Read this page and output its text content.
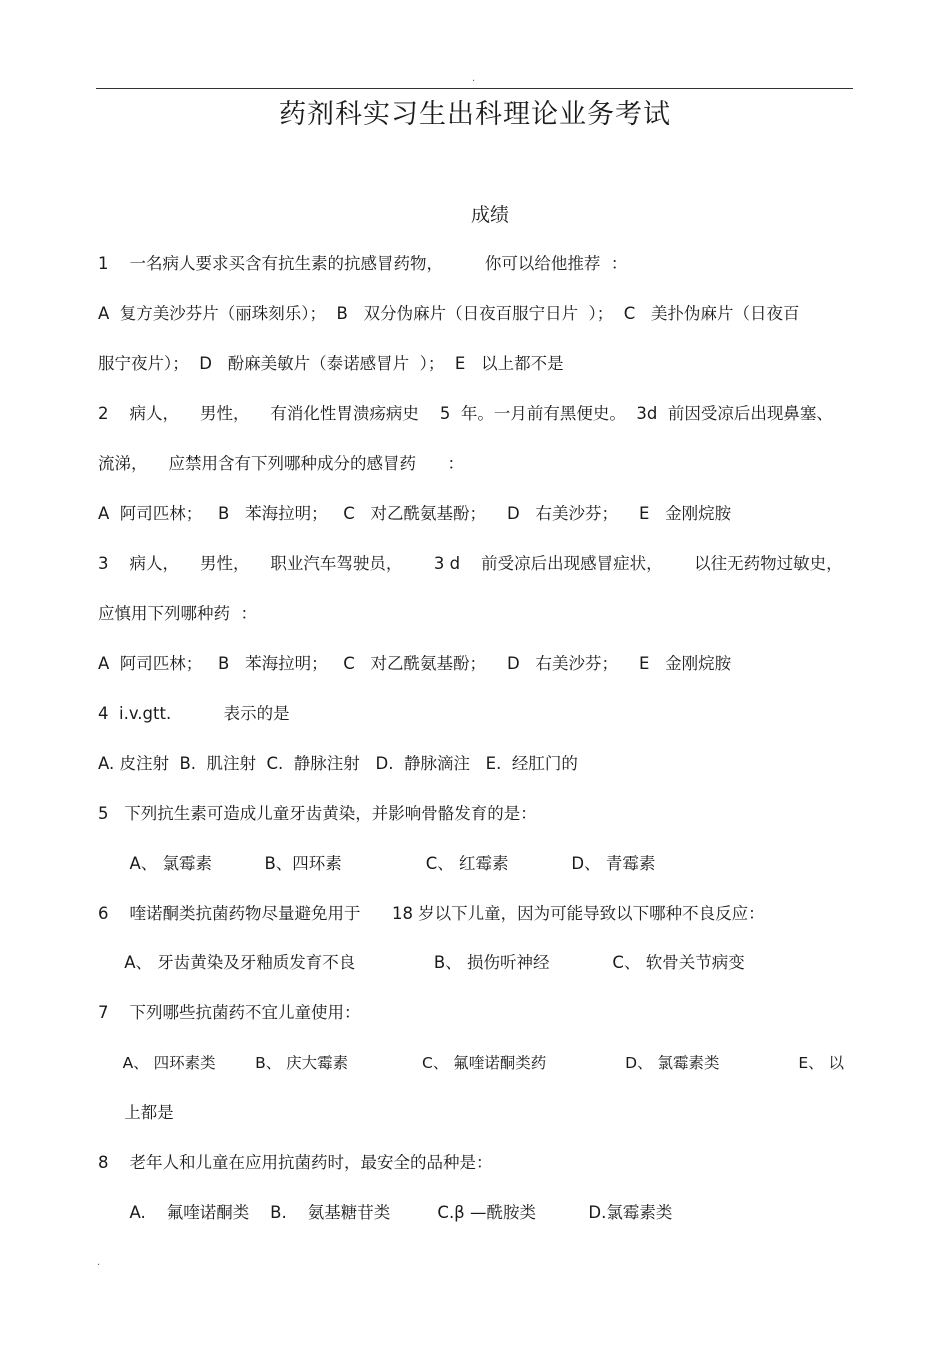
.
药剂科实习生出科理论业务考试
成绩
1    一名病人要求买含有抗生素的抗感冒药物，        你可以给他推荐  ：
A  复方美沙芬片（丽珠刻乐）；  B   双分伪麻片（日夜百服宁日片  ）；  C   美扑伪麻片（日夜百
服宁夜片）；  D   酚麻美敏片（泰诺感冒片  ）；  E   以上都不是
2    病人，    男性，    有消化性胃溃疡病史    5  年。一月前有黑便史。  3d  前因受凉后出现鼻塞、
流涕，    应禁用含有下列哪种成分的感冒药      ：
A  阿司匹林；   B   苯海拉明；   C   对乙酰氨基酚；    D   右美沙芬；    E   金刚烷胺
3    病人，    男性，    职业汽车驾驶员，      3 d    前受凉后出现感冒症状，      以往无药物过敏史，
应慎用下列哪种药  ：
A  阿司匹林；   B   苯海拉明；   C   对乙酰氨基酚；    D   右美沙芬；    E   金刚烷胺
4  i.v.gtt.          表示的是
A. 皮注射  B.  肌注射  C.  静脉注射   D.  静脉滴注   E.  经肛门的
5   下列抗生素可造成儿童牙齿黄染，并影响骨骼发育的是：
A、 氯霉素          B、四环素                C、 红霉素            D、 青霉素
6    喹诺酮类抗菌药物尽量避免用于      18 岁以下儿童，因为可能导致以下哪种不良反应：
A、 牙齿黄染及牙釉质发育不良               B、 损伤听神经            C、 软骨关节病变
7    下列哪些抗菌药不宜儿童使用：
A、 四环素类        B、 庆大霉素               C、 氟喹诺酮类药                D、 氯霉素类                E、 以
上都是
8    老年人和儿童在应用抗菌药时，最安全的品种是：
A.    氟喹诺酮类    B.    氨基糖苷类         C.β —酰胺类          D.氯霉素类
.
